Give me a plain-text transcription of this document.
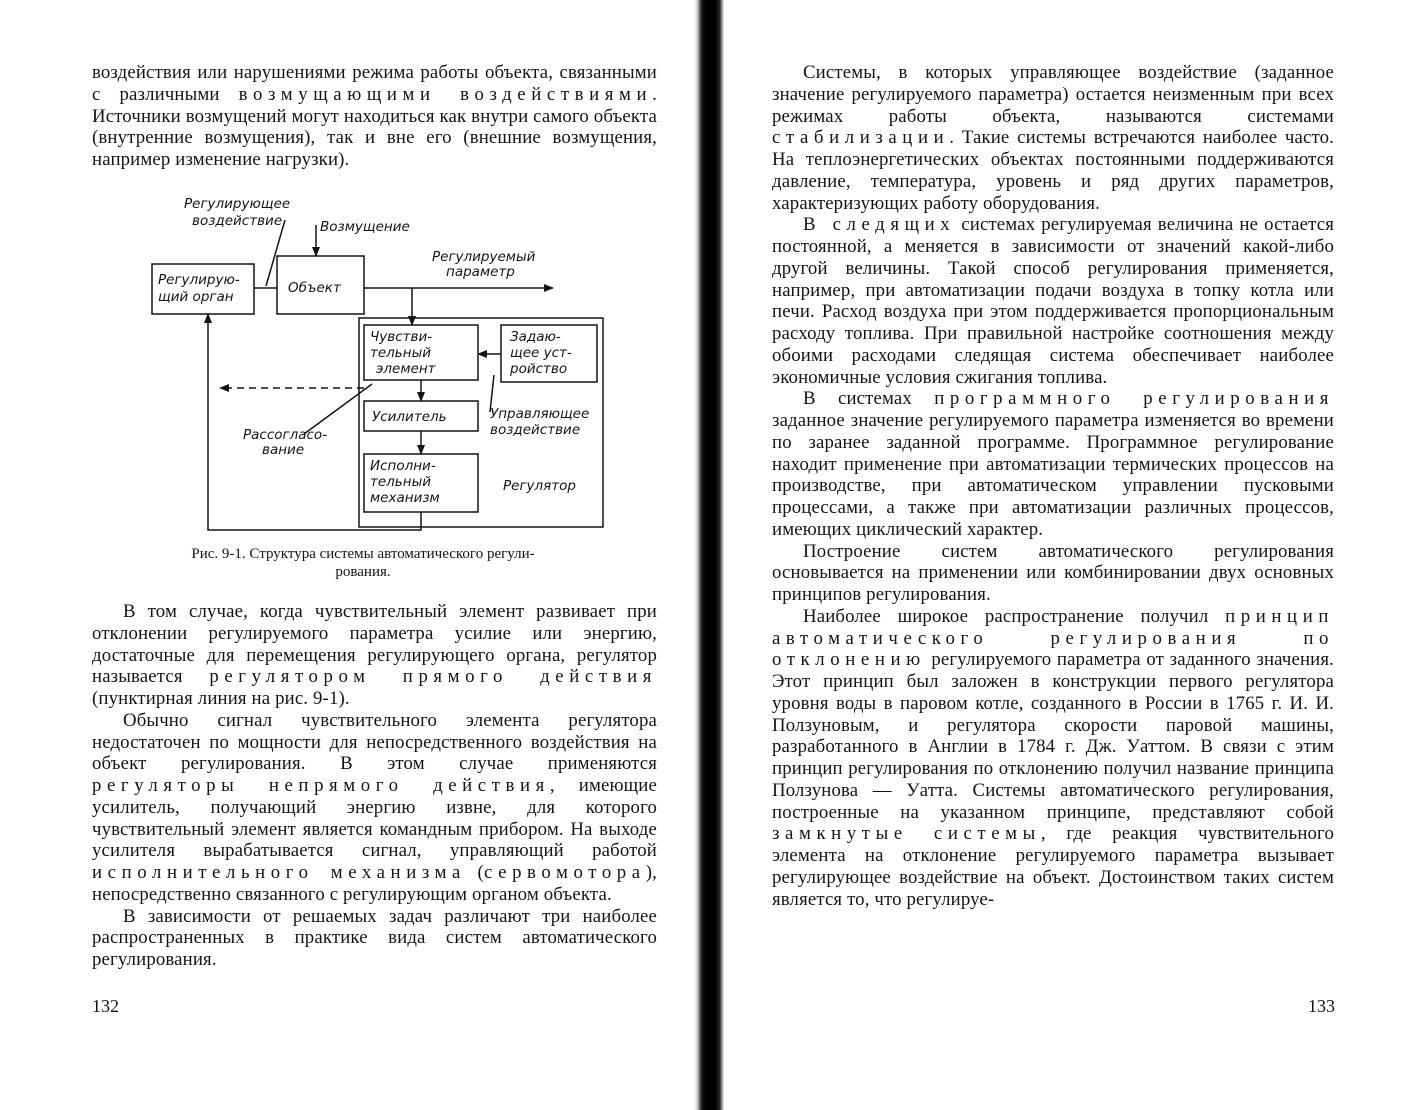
воздействия или нарушениями режима работы объекта, связанными с различными возмущающими воздействиями. Источники возмущений могут находиться как внутри самого объекта (внутренние возмущения), так и вне его (внешние возмущения, например изменение нагрузки).

Регулирующее
воздействие	Возмущение
Регулируемый
параметр
Регулирую-
щий орган
Объект
Чувстви-
тельный
элемент
Задаю-
щее уст-
ройство
Усилитель	Управляющее
воздействие
Рассогласо-
вание
Исполни-
тельный
механизм
Регулятор
Рис. 9-1. Структура системы автоматического регули-
рования.

В том случае, когда чувствительный элемент развивает при отклонении регулируемого параметра усилие или энергию, достаточные для перемещения регулирующего органа, регулятор называется регулятором прямого действия (пунктирная линия на рис. 9-1).

Обычно сигнал чувствительного элемента регулятора недостаточен по мощности для непосредственного воздействия на объект регулирования. В этом случае применяются регуляторы непрямого действия, имеющие усилитель, получающий энергию извне, для которого чувствительный элемент является командным прибором. На выходе усилителя вырабатывается сигнал, управляющий работой исполнительного механизма (сервомотора), непосредственно связанного с регулирующим органом объекта.

В зависимости от решаемых задач различают три наиболее распространенных в практике вида систем автоматического регулирования.

132

Системы, в которых управляющее воздействие (заданное значение регулируемого параметра) остается неизменным при всех режимах работы объекта, называются системами стабилизации. Такие системы встречаются наиболее часто. На теплоэнергетических объектах постоянными поддерживаются давление, температура, уровень и ряд других параметров, характеризующих работу оборудования.

В следящих системах регулируемая величина не остается постоянной, а меняется в зависимости от значений какой-либо другой величины. Такой способ регулирования применяется, например, при автоматизации подачи воздуха в топку котла или печи. Расход воздуха при этом поддерживается пропорциональным расходу топлива. При правильной настройке соотношения между обоими расходами следящая система обеспечивает наиболее экономичные условия сжигания топлива.

В системах программного регулирования заданное значение регулируемого параметра изменяется во времени по заранее заданной программе. Программное регулирование находит применение при автоматизации термических процессов на производстве, при автоматическом управлении пусковыми процессами, а также при автоматизации различных процессов, имеющих циклический характер.

Построение систем автоматического регулирования основывается на применении или комбинировании двух основных принципов регулирования.

Наиболее широкое распространение получил принцип автоматического регулирования по отклонению регулируемого параметра от заданного значения. Этот принцип был заложен в конструкции первого регулятора уровня воды в паровом котле, созданного в России в 1765 г. И. И. Ползуновым, и регулятора скорости паровой машины, разработанного в Англии в 1784 г. Дж. Уаттом. В связи с этим принцип регулирования по отклонению получил название принципа Ползунова — Уатта. Системы автоматического регулирования, построенные на указанном принципе, представляют собой замкнутые системы, где реакция чувствительного элемента на отклонение регулируемого параметра вызывает регулирующее воздействие на объект. Достоинством таких систем является то, что регулируе-

133
